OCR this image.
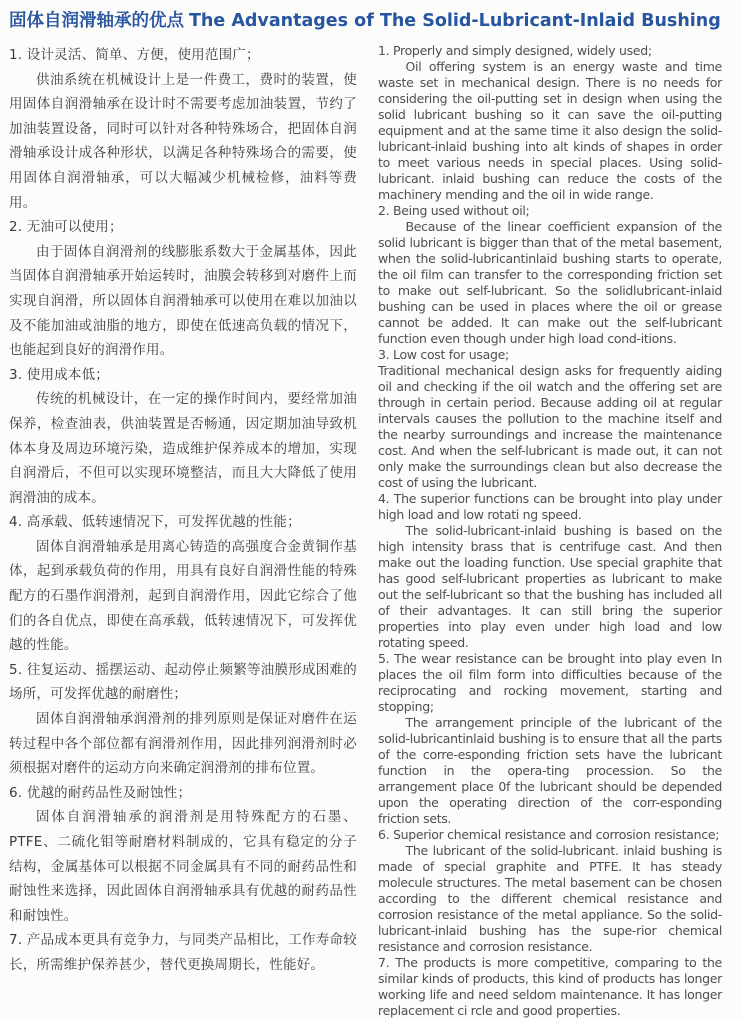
固体自润滑轴承的优点 The Advantages of The Solid-Lubricant-Inlaid Bushing
1. 设计灵活、简单、方便，使用范围广；

供油系统在机械设计上是一件费工，费时的装置，使用固体自润滑轴承在设计时不需要考虑加油装置，节约了加油装置设备，同时可以针对各种特殊场合，把固体自润滑轴承设计成各种形状，以满足各种特殊场合的需要，使用固体自润滑轴承，可以大幅减少机械检修，油料等费用。

2. 无油可以使用；

由于固体自润滑剂的线膨胀系数大于金属基体，因此当固体自润滑轴承开始运转时，油膜会转移到对磨件上而实现自润滑，所以固体自润滑轴承可以使用在难以加油以及不能加油或油脂的地方，即使在低速高负载的情况下，也能起到良好的润滑作用。

3. 使用成本低；

传统的机械设计，在一定的操作时间内，要经常加油保养，检查油表，供油装置是否畅通，因定期加油导致机体本身及周边环境污染，造成维护保养成本的增加，实现自润滑后，不但可以实现环境整洁，而且大大降低了使用润滑油的成本。

4. 高承载、低转速情况下，可发挥优越的性能；

固体自润滑轴承是用离心铸造的高强度合金黄铜作基体，起到承载负荷的作用，用具有良好自润滑性能的特殊配方的石墨作润滑剂，起到自润滑作用，因此它综合了他们的各自优点，即使在高承载，低转速情况下，可发挥优越的性能。

5. 往复运动、摇摆运动、起动停止频繁等油膜形成困难的场所，可发挥优越的耐磨性；

固体自润滑轴承润滑剂的排列原则是保证对磨件在运转过程中各个部位都有润滑剂作用，因此排列润滑剂时必须根据对磨件的运动方向来确定润滑剂的排布位置。

6. 优越的耐药品性及耐蚀性；

固体自润滑轴承的润滑剂是用特殊配方的石墨、PTFE、二硫化钼等耐磨材料制成的，它具有稳定的分子结构，金属基体可以根据不同金属具有不同的耐药品性和耐蚀性来选择，因此固体自润滑轴承具有优越的耐药品性和耐蚀性。

7. 产品成本更具有竞争力，与同类产品相比，工作寿命较长，所需维护保养甚少，替代更换周期长，性能好。
1. Properly and simply designed, widely used;

Oil offering system is an energy waste and time waste set in mechanical design. There is no needs for considering the oil-putting set in design when using the solid lubricant bushing so it can save the oil-putting equipment and at the same time it also design the solid-lubricant-inlaid bushing into alt kinds of shapes in order to meet various needs in special places. Using solid-lubricant. inlaid bushing can reduce the costs of the machinery mending and the oil in wide range.

2. Being used without oil;

Because of the linear coefficient expansion of the solid lubricant is bigger than that of the metal basement, when the solid-lubricantinlaid bushing starts to operate, the oil film can transfer to the corresponding friction set to make out self-lubricant. So the solidlubricant-inlaid bushing can be used in places where the oil or grease cannot be added. It can make out the self-lubricant function even though under high load cond-itions.

3. Low cost for usage;

Traditional mechanical design asks for frequently aiding oil and checking if the oil watch and the offering set are through in certain period. Because adding oil at regular intervals causes the pollution to the machine itself and the nearby surroundings and increase the maintenance cost. And when the self-lubricant is made out, it can not only make the surroundings clean but also decrease the cost of using the lubricant.

4. The superior functions can be brought into play under high load and low rotati ng speed.

The solid-lubricant-inlaid bushing is based on the high intensity brass that is centrifuge cast. And then make out the loading function. Use special graphite that has good self-lubricant properties as lubricant to make out the self-lubricant so that the bushing has included all of their advantages. It can still bring the superior properties into play even under high load and low rotating speed.

5. The wear resistance can be brought into play even In places the oil film form into difficulties because of the reciprocating and rocking movement, starting and stopping;

The arrangement principle of the lubricant of the solid-lubricantinlaid bushing is to ensure that all the parts of the corre-esponding friction sets have the lubricant function in the opera-ting procession. So the arrangement place 0f the lubricant should be depended upon the operating direction of the corr-esponding friction sets.

6. Superior chemical resistance and corrosion resistance;

The lubricant of the solid-lubricant. inlaid bushing is made of special graphite and PTFE. It has steady molecule structures. The metal basement can be chosen according to the different chemical resistance and corrosion resistance of the metal appliance. So the solid-lubricant-inlaid bushing has the supe-rior chemical resistance and corrosion resistance.

7. The products is more competitive, comparing to the similar kinds of products, this kind of products has longer working life and need seldom maintenance. It has longer replacement ci rcle and good properties.
